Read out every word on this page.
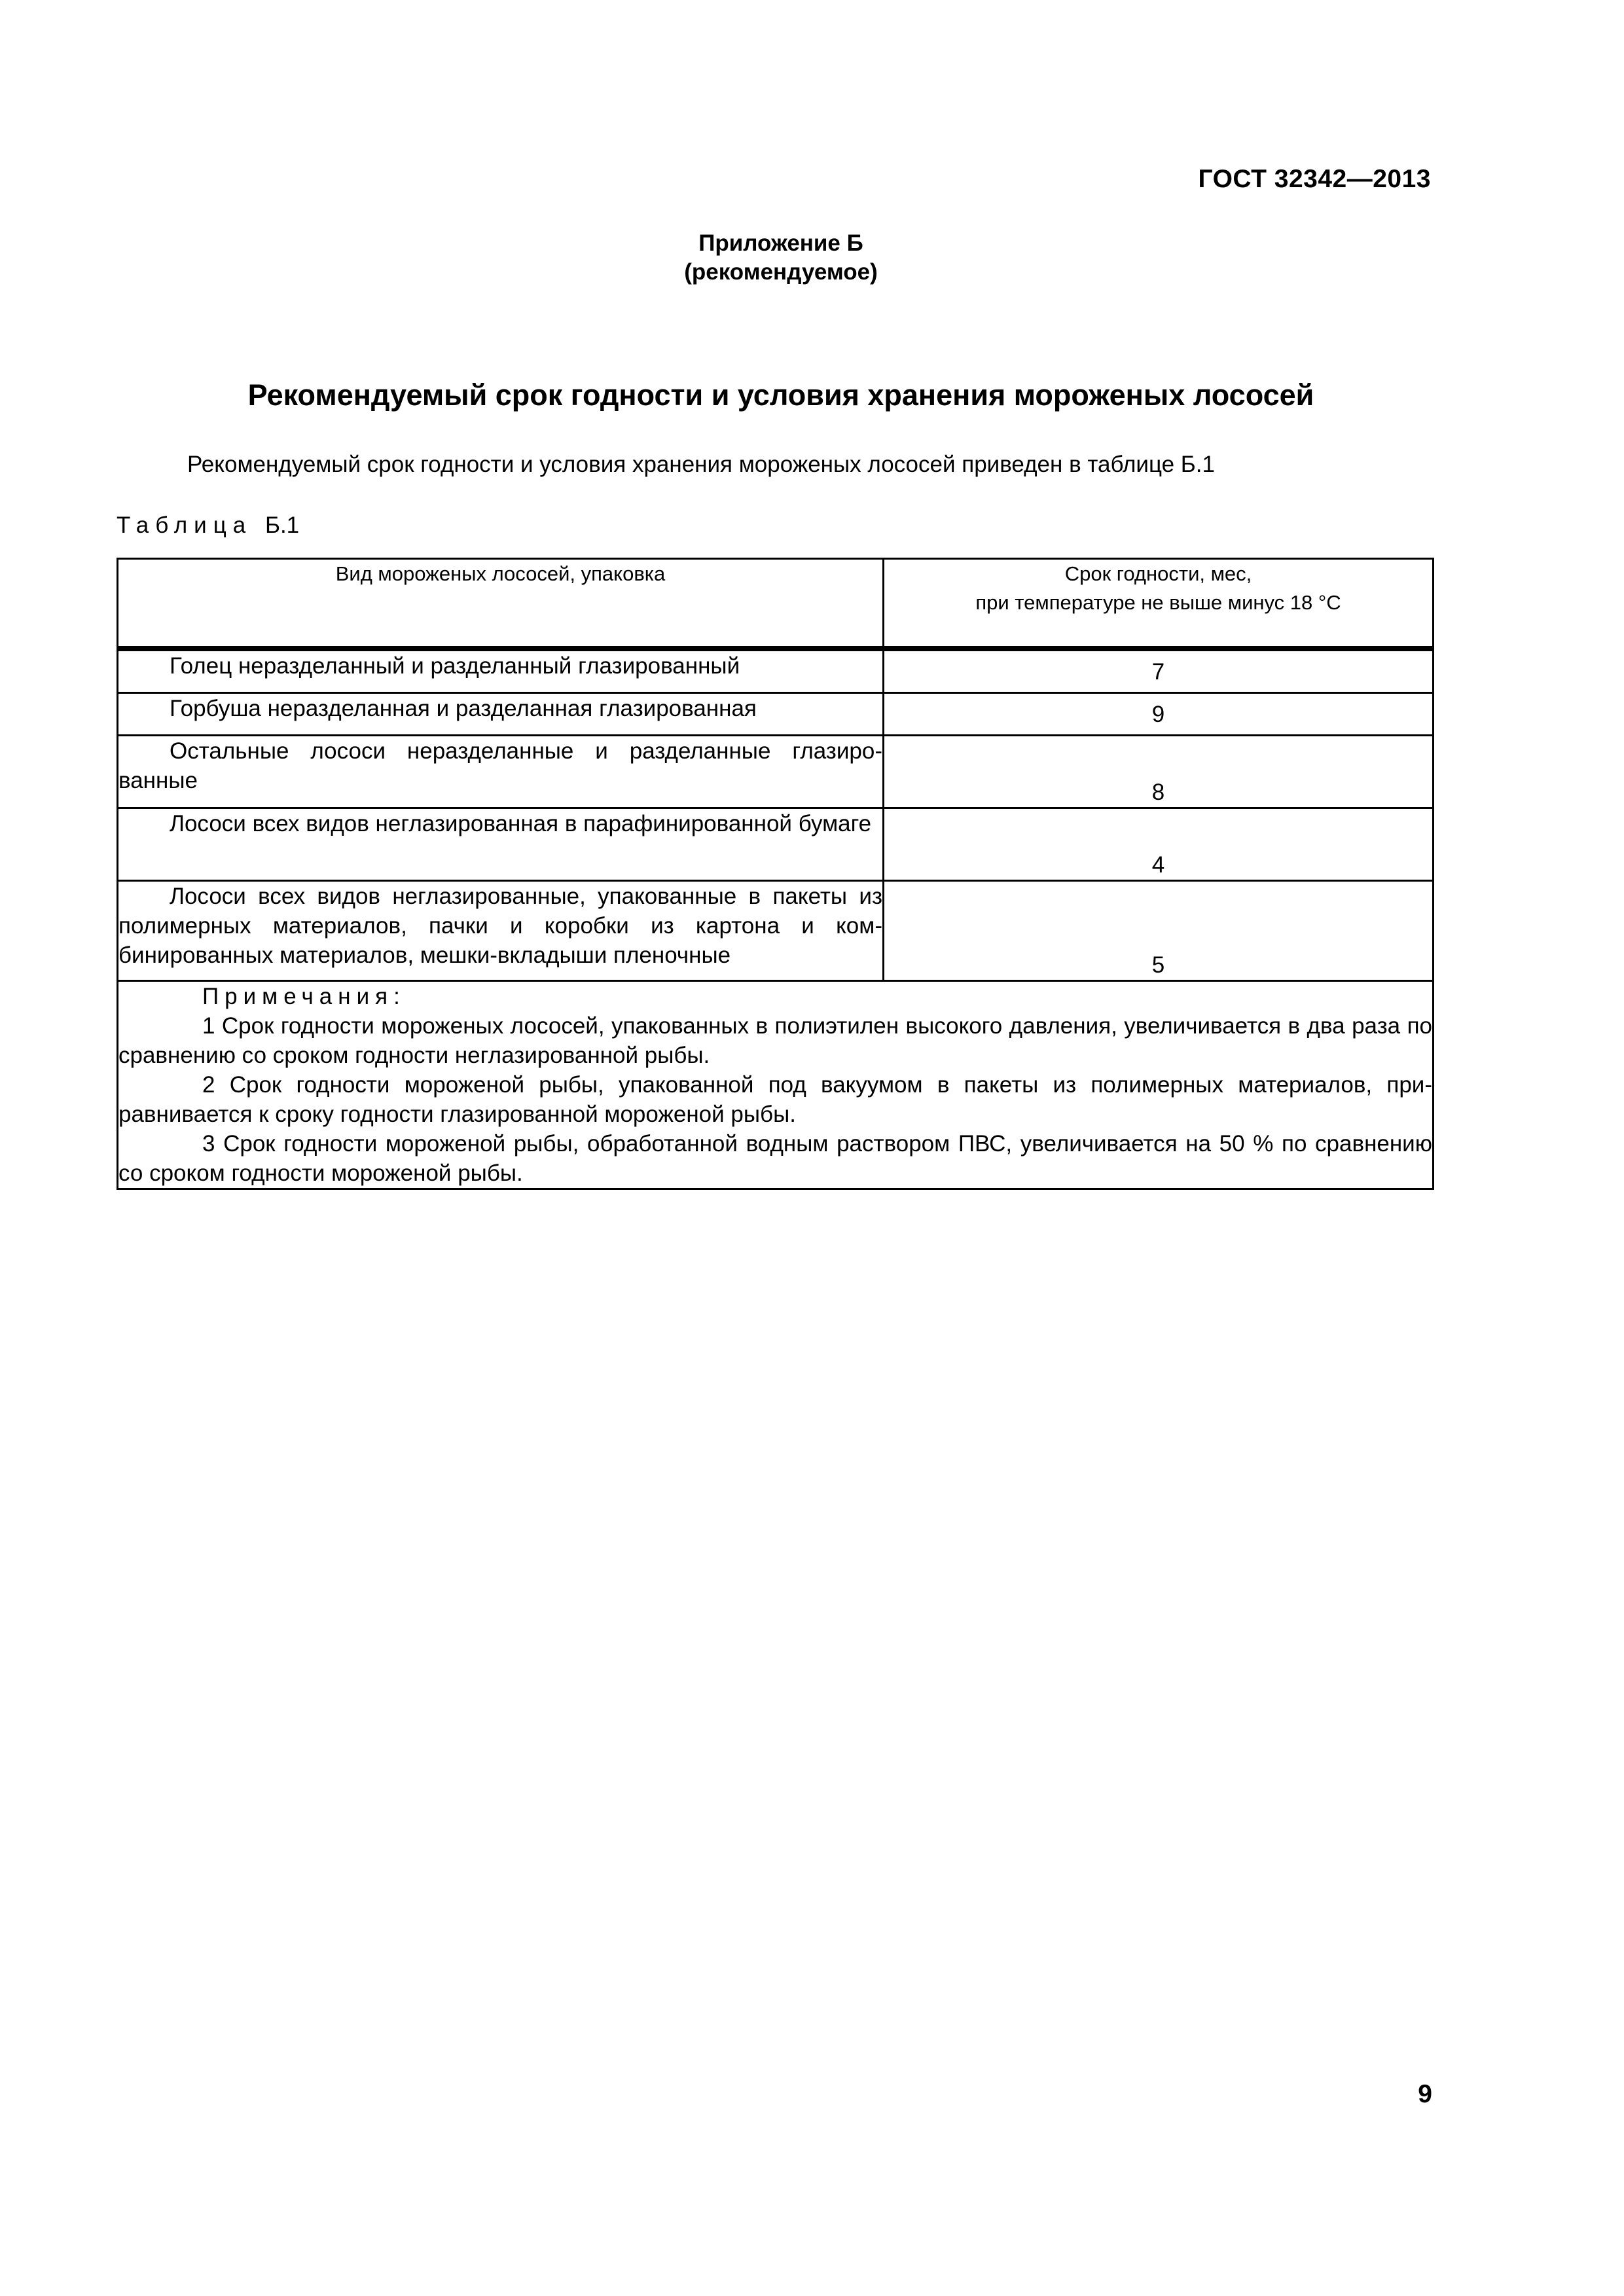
ГОСТ 32342—2013
Приложение Б
(рекомендуемое)
Рекомендуемый срок годности и условия хранения мороженых лососей
Рекомендуемый срок годности и условия хранения мороженых лососей приведен в таблице Б.1
Таблица Б.1
Вид мороженых лососей, упаковка	Срок годности, мес,
при температуре не выше минус 18 °С

Голец неразделанный и разделанный глазированный	7

Горбуша неразделанная и разделанная глазированная	9

Остальные лососи неразделанные и разделанные глазиро-ванные	8

Лососи всех видов неглазированная в парафинированной бумаге	4

Лососи всех видов неглазированные, упакованные в пакеты из полимерных материалов, пачки и коробки из картона и ком-бинированных материалов, мешки-вкладыши пленочные	5

Примечания:
1 Срок годности мороженых лососей, упакованных в полиэтилен высокого давления, увеличивается в два раза по сравнению со сроком годности неглазированной рыбы.
2 Срок годности мороженой рыбы, упакованной под вакуумом в пакеты из полимерных материалов, при-равнивается к сроку годности глазированной мороженой рыбы.
3 Срок годности мороженой рыбы, обработанной водным раствором ПВС, увеличивается на 50 % по сравнению со сроком годности мороженой рыбы.	
9
